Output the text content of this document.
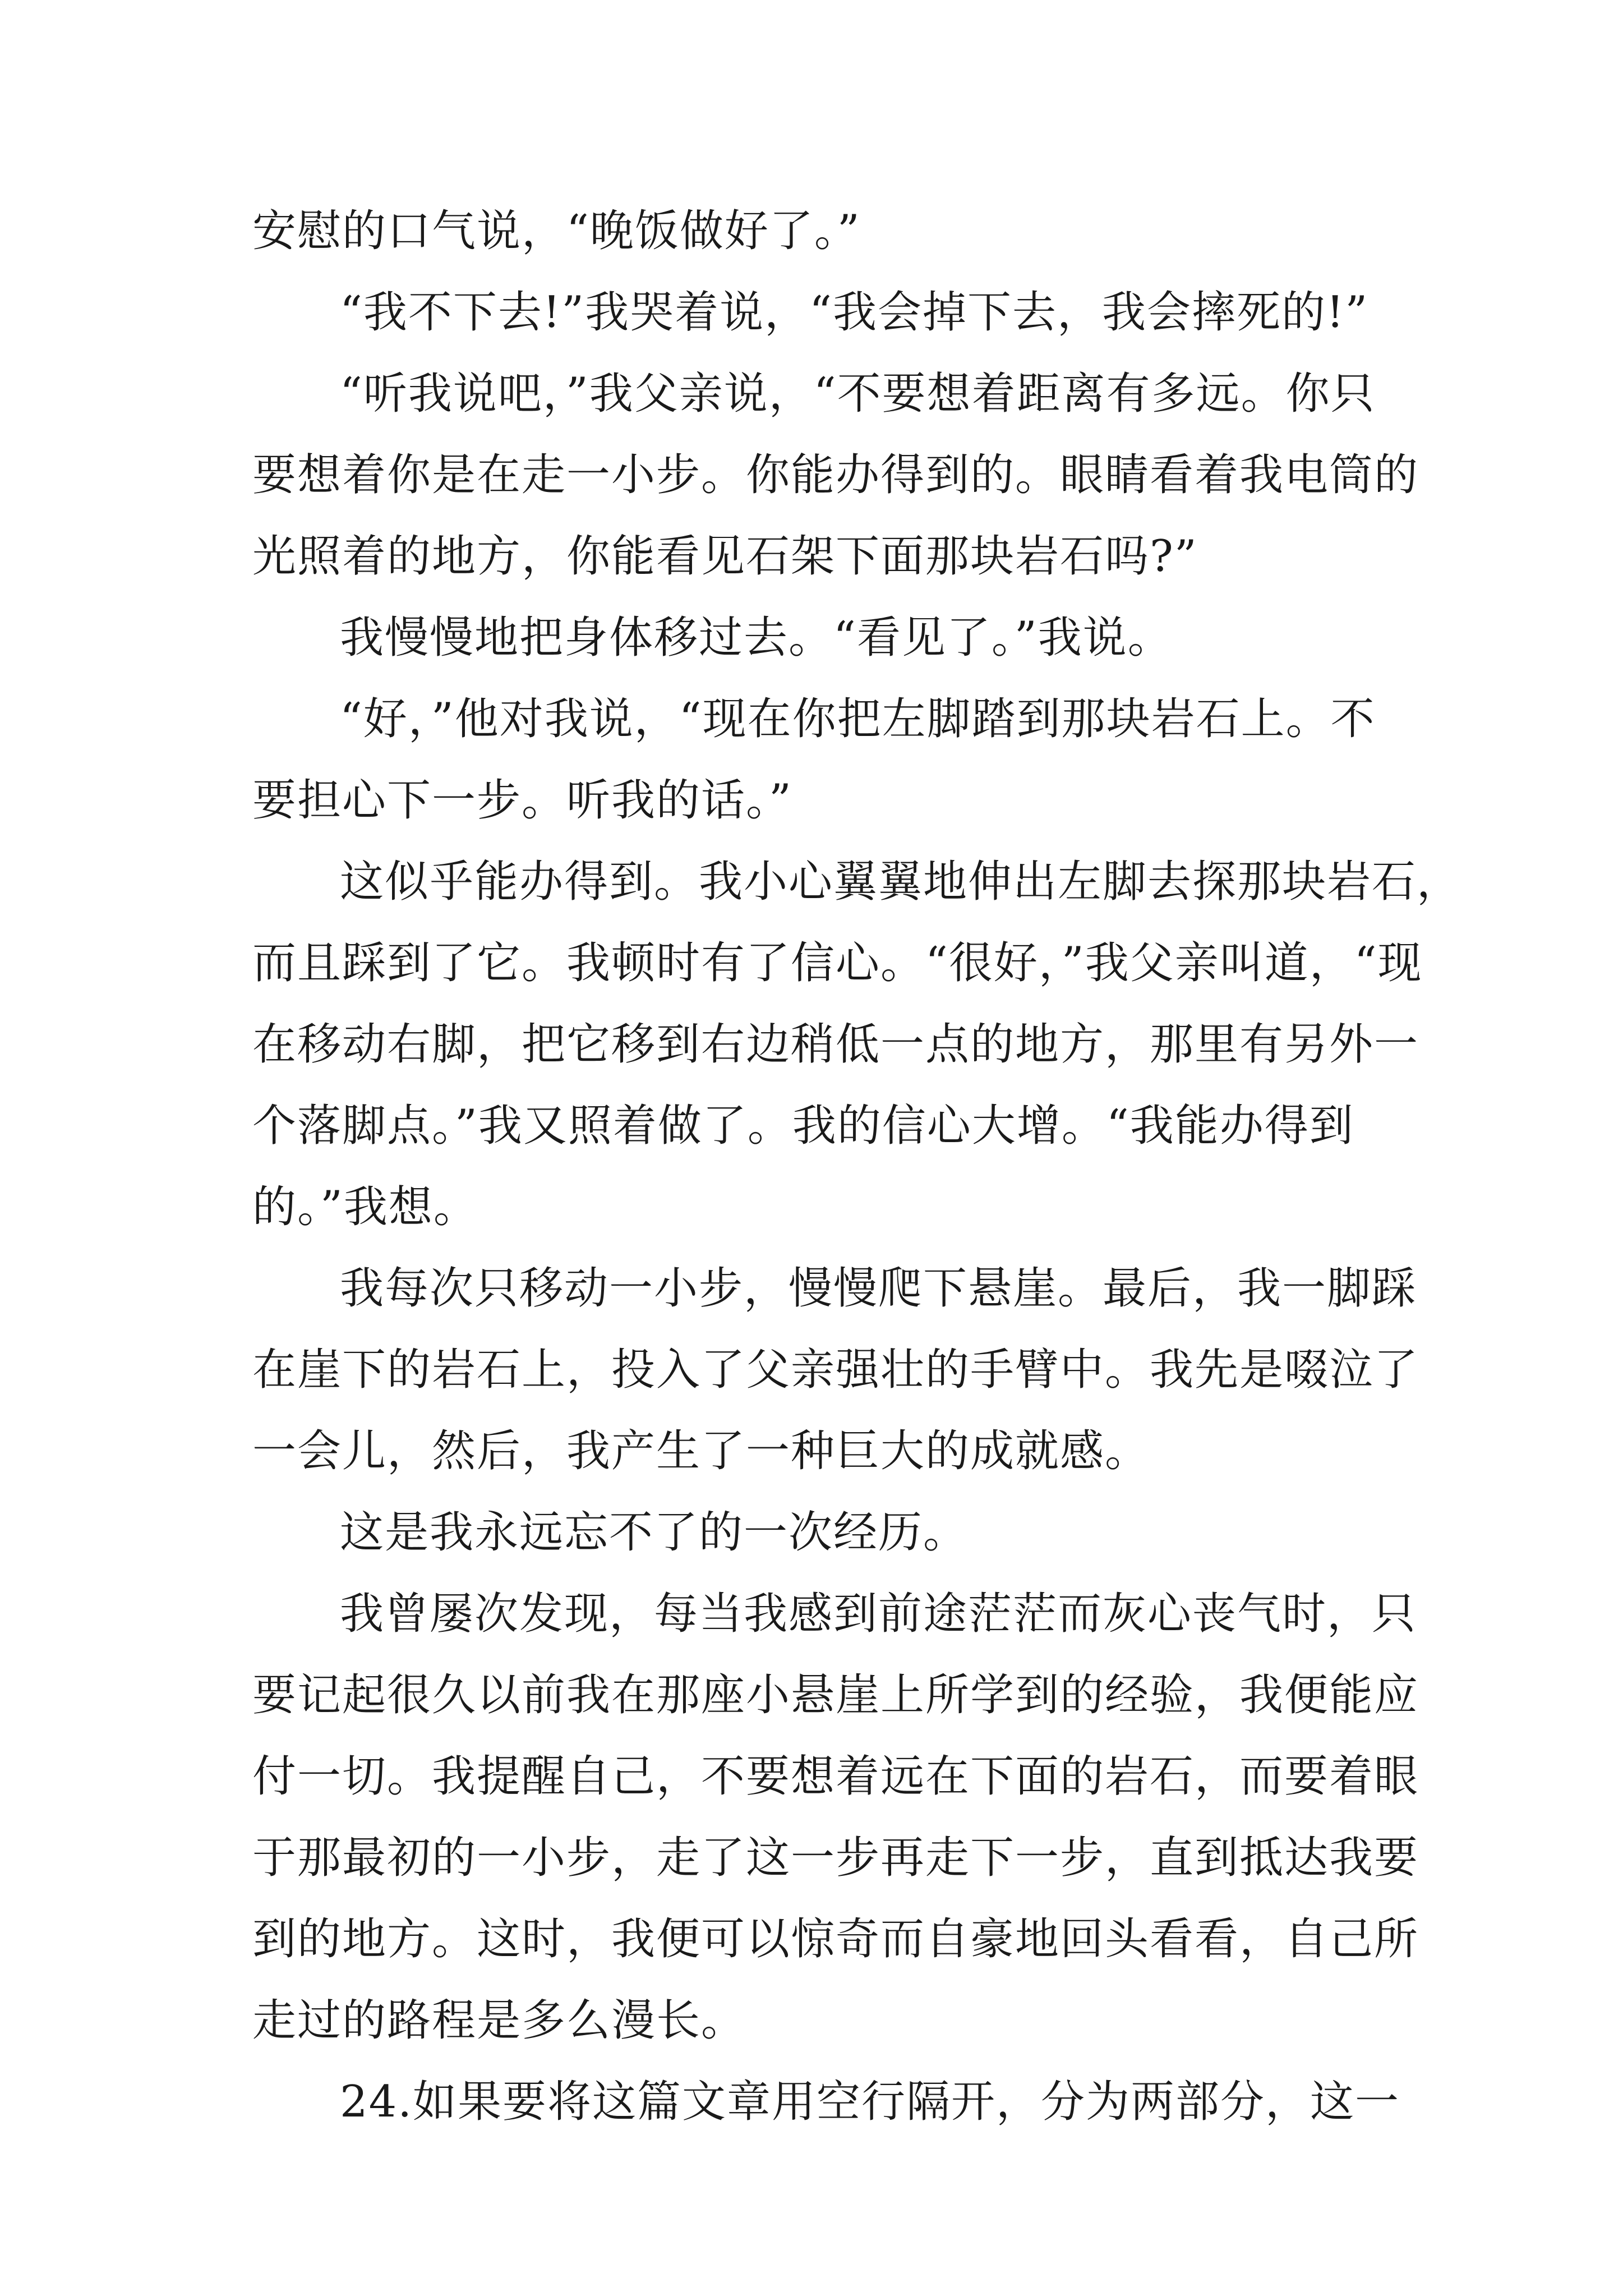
安慰的口气说，“晚饭做好了。”
“我不下去!”我哭着说，“我会掉下去，我会摔死的!”
“听我说吧，”我父亲说，“不要想着距离有多远。你只
要想着你是在走一小步。你能办得到的。眼睛看着我电筒的
光照着的地方，你能看见石架下面那块岩石吗?”
我慢慢地把身体移过去。“看见了。”我说。
“好，”他对我说，“现在你把左脚踏到那块岩石上。不
要担心下一步。听我的话。”
这似乎能办得到。我小心翼翼地伸出左脚去探那块岩石，
而且踩到了它。我顿时有了信心。“很好，”我父亲叫道，“现
在移动右脚，把它移到右边稍低一点的地方，那里有另外一
个落脚点。”我又照着做了。我的信心大增。“我能办得到
的。”我想。
我每次只移动一小步，慢慢爬下悬崖。最后，我一脚踩
在崖下的岩石上，投入了父亲强壮的手臂中。我先是啜泣了
一会儿，然后，我产生了一种巨大的成就感。
这是我永远忘不了的一次经历。
我曾屡次发现，每当我感到前途茫茫而灰心丧气时，只
要记起很久以前我在那座小悬崖上所学到的经验，我便能应
付一切。我提醒自己，不要想着远在下面的岩石，而要着眼
于那最初的一小步，走了这一步再走下一步，直到抵达我要
到的地方。这时，我便可以惊奇而自豪地回头看看，自己所
走过的路程是多么漫长。
24.如果要将这篇文章用空行隔开，分为两部分，这一
